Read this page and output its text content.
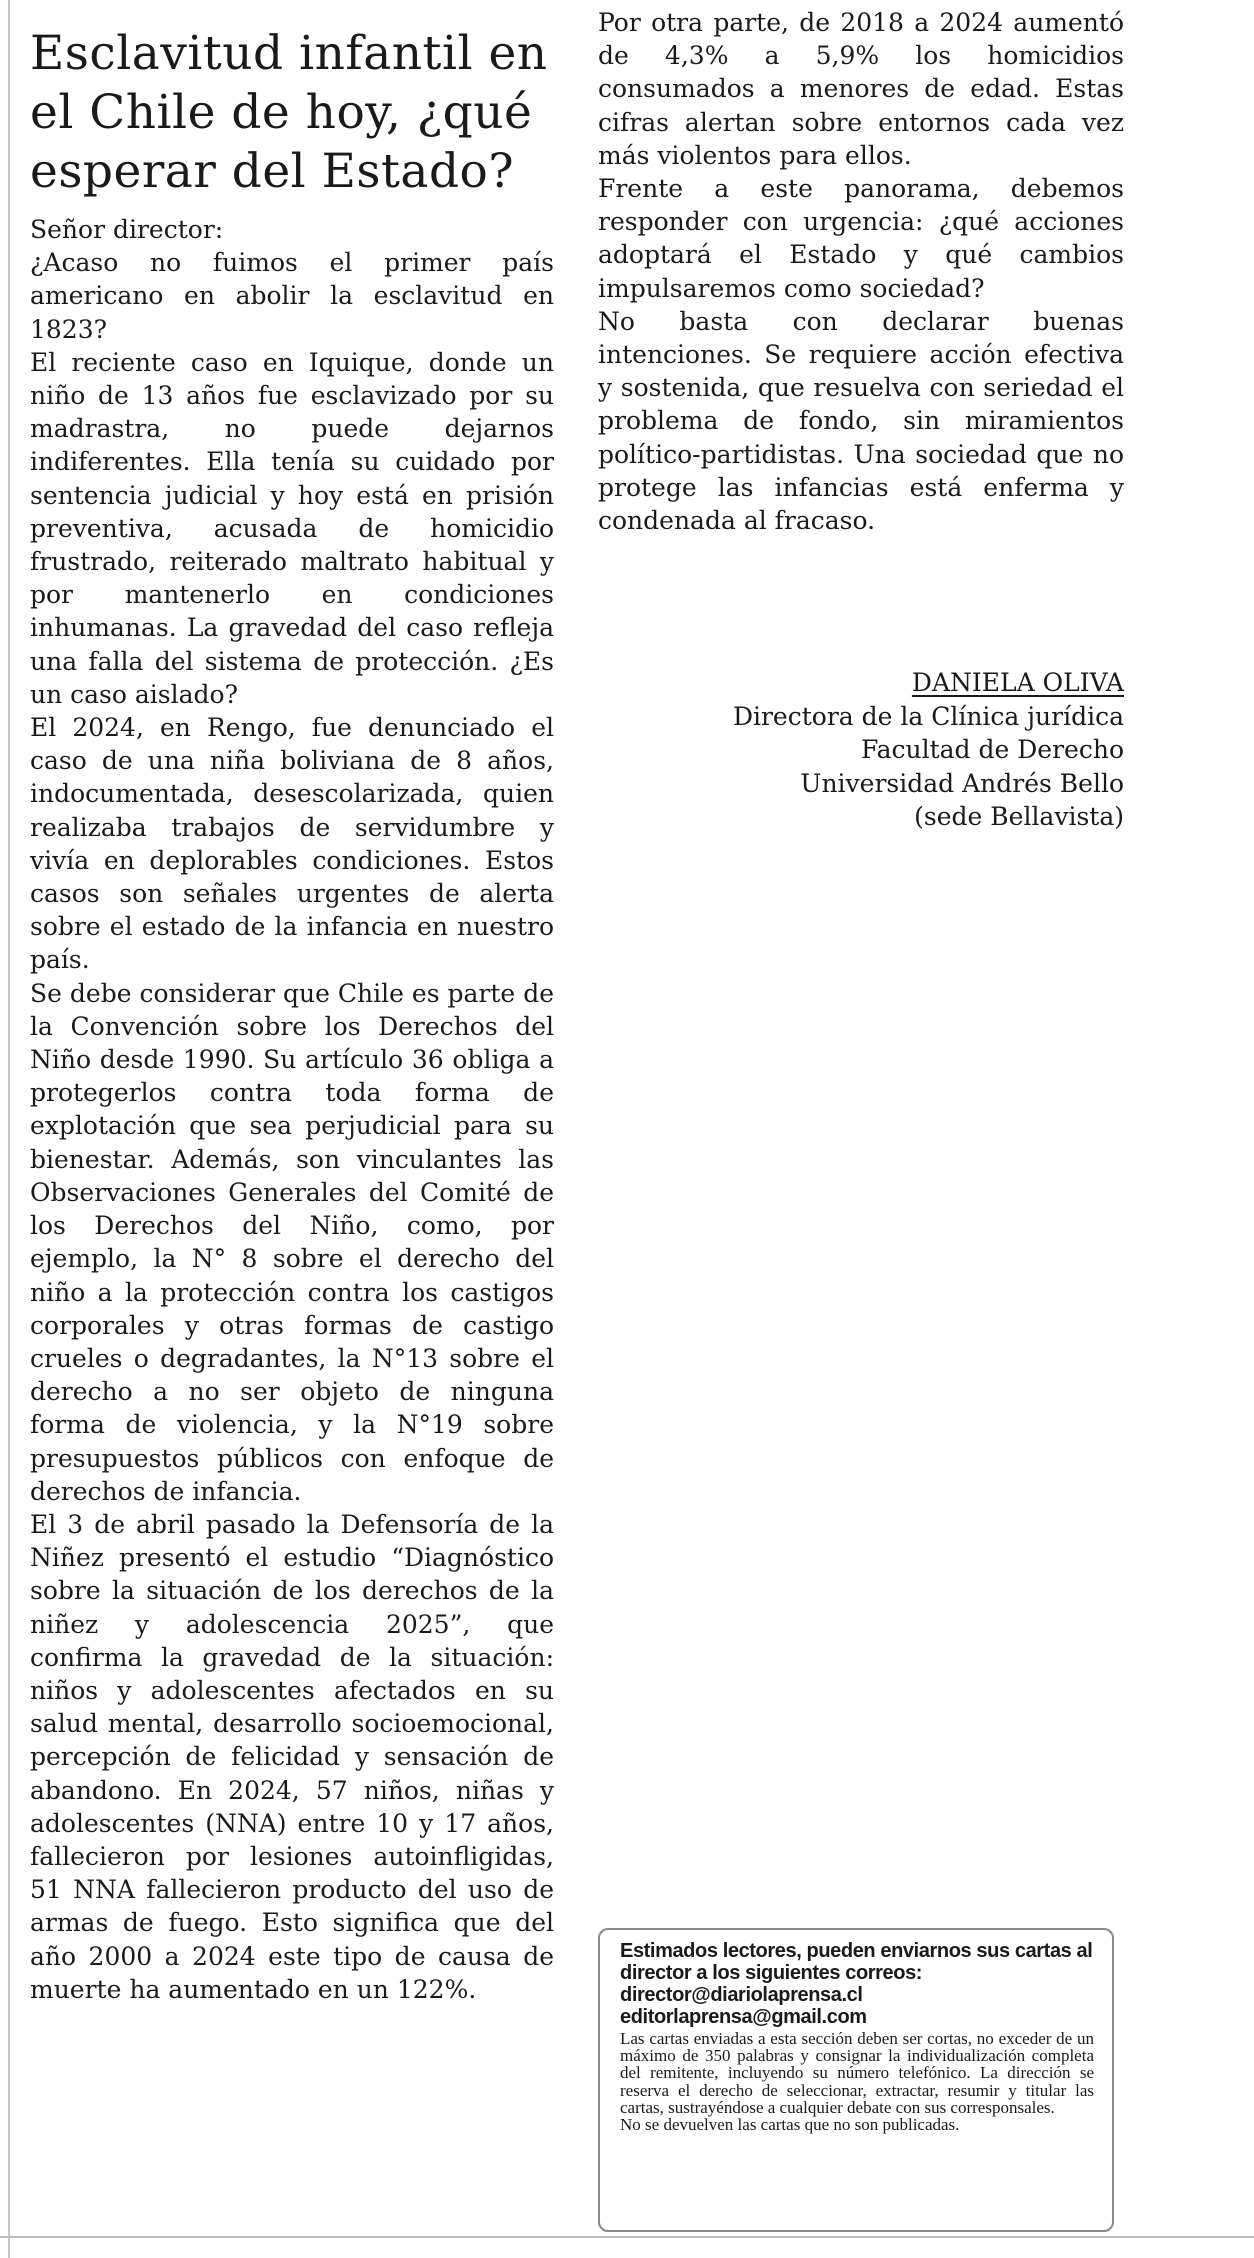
Esclavitud infantil en el Chile de hoy, ¿qué esperar del Estado?

Señor director:

¿Acaso no fuimos el primer país americano en abolir la esclavitud en 1823?

El reciente caso en Iquique, donde un niño de 13 años fue esclavizado por su madrastra, no puede dejarnos indiferentes. Ella tenía su cuidado por sentencia judicial y hoy está en prisión preventiva, acusada de homicidio frustrado, reiterado maltrato habitual y por mantenerlo en condiciones inhumanas. La gravedad del caso refleja una falla del sistema de protección. ¿Es un caso aislado?

El 2024, en Rengo, fue denunciado el caso de una niña boliviana de 8 años, indocumentada, desescolarizada, quien realizaba trabajos de servidumbre y vivía en deplorables condiciones. Estos casos son señales urgentes de alerta sobre el estado de la infancia en nuestro país.

Se debe considerar que Chile es parte de la Convención sobre los Derechos del Niño desde 1990. Su artículo 36 obliga a protegerlos contra toda forma de explotación que sea perjudicial para su bienestar. Además, son vinculantes las Observaciones Generales del Comité de los Derechos del Niño, como, por ejemplo, la N° 8 sobre el derecho del niño a la protección contra los castigos corporales y otras formas de castigo crueles o degradantes, la N°13 sobre el derecho a no ser objeto de ninguna forma de violencia, y la N°19 sobre presupuestos públicos con enfoque de derechos de infancia.

El 3 de abril pasado la Defensoría de la Niñez presentó el estudio “Diagnóstico sobre la situación de los derechos de la niñez y adolescencia 2025”, que confirma la gravedad de la situación: niños y adolescentes afectados en su salud mental, desarrollo socioemocional, percepción de felicidad y sensación de abandono. En 2024, 57 niños, niñas y adolescentes (NNA) entre 10 y 17 años, fallecieron por lesiones autoinfligidas, 51 NNA fallecieron producto del uso de armas de fuego. Esto significa que del año 2000 a 2024 este tipo de causa de muerte ha aumentado en un 122%.

Por otra parte, de 2018 a 2024 aumentó de 4,3% a 5,9% los homicidios consumados a menores de edad. Estas cifras alertan sobre entornos cada vez más violentos para ellos.

Frente a este panorama, debemos responder con urgencia: ¿qué acciones adoptará el Estado y qué cambios impulsaremos como sociedad?

No basta con declarar buenas intenciones. Se requiere acción efectiva y sostenida, que resuelva con seriedad el problema de fondo, sin miramientos político-partidistas. Una sociedad que no protege las infancias está enferma y condenada al fracaso.

DANIELA OLIVA
Directora de la Clínica jurídica
Facultad de Derecho
Universidad Andrés Bello
(sede Bellavista)
Estimados lectores, pueden enviarnos sus cartas al director a los siguientes correos:
director@diariolaprensa.cl
editorlaprensa@gmail.com
Las cartas enviadas a esta sección deben ser cortas, no exceder de un máximo de 350 palabras y consignar la individualización completa del remitente, incluyendo su número telefónico. La dirección se reserva el derecho de seleccionar, extractar, resumir y titular las cartas, sustrayéndose a cualquier debate con sus corresponsales.
No se devuelven las cartas que no son publicadas.
